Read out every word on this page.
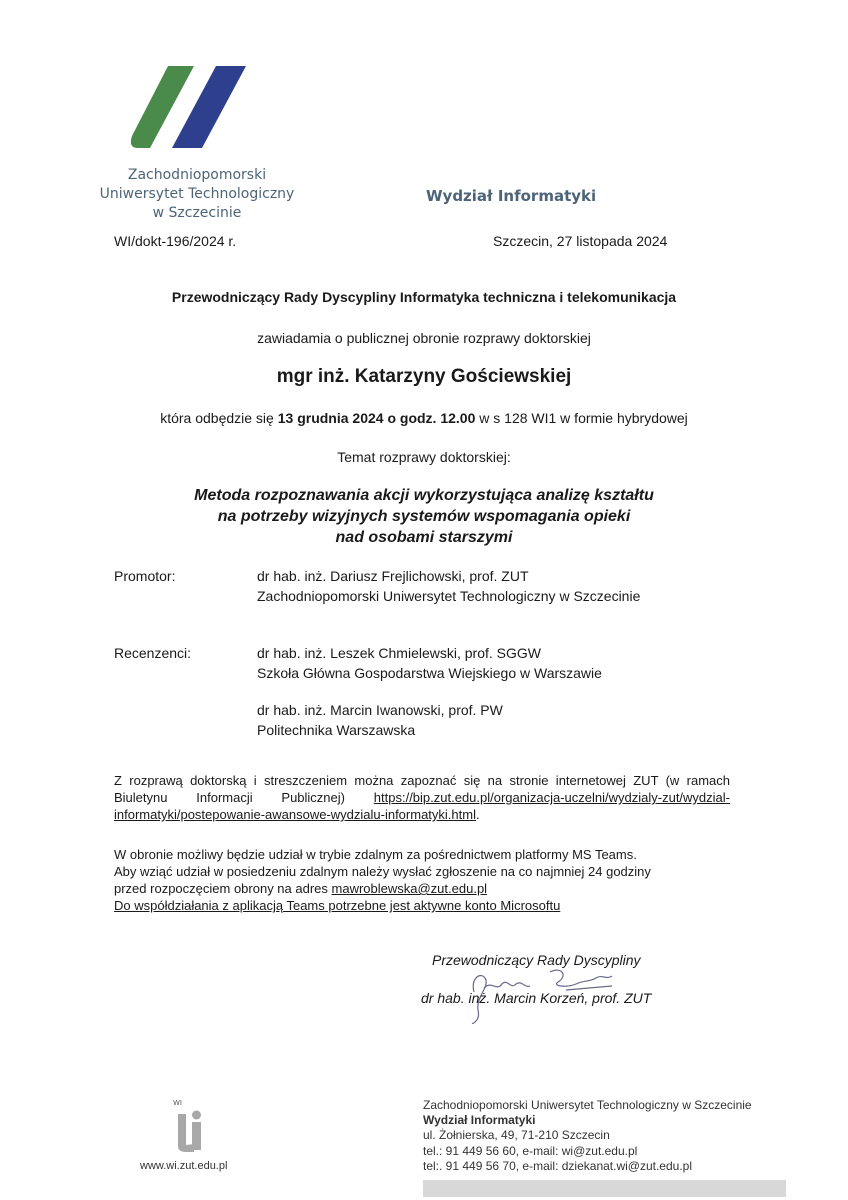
Zachodniopomorski
Uniwersytet Technologiczny
w Szczecinie
Wydział Informatyki
WI/dokt-196/2024 r.	Szczecin, 27 listopada 2024
Przewodniczący Rady Dyscypliny Informatyka techniczna i telekomunikacja
zawiadamia o publicznej obronie rozprawy doktorskiej
mgr inż. Katarzyny Gościewskiej
która odbędzie się 13 grudnia 2024 o godz. 12.00 w s 128 WI1 w formie hybrydowej
Temat rozprawy doktorskiej:
Metoda rozpoznawania akcji wykorzystująca analizę kształtu
na potrzeby wizyjnych systemów wspomagania opieki
nad osobami starszymi
Promotor:	dr hab. inż. Dariusz Frejlichowski, prof. ZUT
Zachodniopomorski Uniwersytet Technologiczny w Szczecinie
Recenzenci:	dr hab. inż. Leszek Chmielewski, prof. SGGW
Szkoła Główna Gospodarstwa Wiejskiego w Warszawie
dr hab. inż. Marcin Iwanowski, prof. PW
Politechnika Warszawska
Z rozprawą doktorską i streszczeniem można zapoznać się na stronie internetowej ZUT (w ramach Biuletynu Informacji Publicznej) https://bip.zut.edu.pl/organizacja-uczelni/wydzialy-zut/wydzial-informatyki/postepowanie-awansowe-wydzialu-informatyki.html.
W obronie możliwy będzie udział w trybie zdalnym za pośrednictwem platformy MS Teams.
Aby wziąć udział w posiedzeniu zdalnym należy wysłać zgłoszenie na co najmniej 24 godziny
przed rozpoczęciem obrony na adres mawroblewska@zut.edu.pl
Do współdziałania z aplikacją Teams potrzebne jest aktywne konto Microsoftu
Przewodniczący Rady Dyscypliny
dr hab. inż. Marcin Korzeń, prof. ZUT
WI
www.wi.zut.edu.pl
Zachodniopomorski Uniwersytet Technologiczny w Szczecinie
Wydział Informatyki
ul. Żołnierska, 49, 71-210 Szczecin
tel.: 91 449 56 60, e-mail: wi@zut.edu.pl
tel:. 91 449 56 70, e-mail: dziekanat.wi@zut.edu.pl
